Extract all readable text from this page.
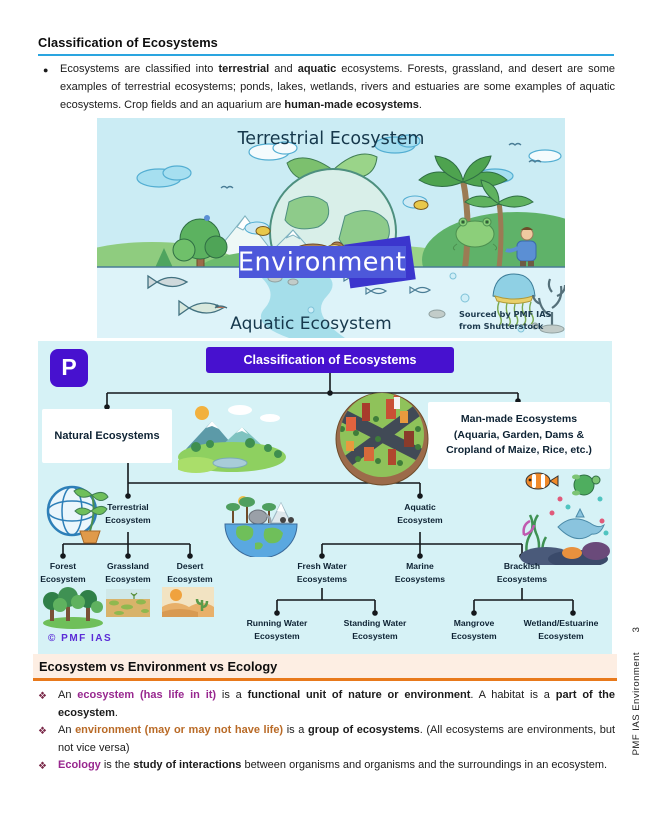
Classification of Ecosystems
●	Ecosystems are classified into terrestrial and aquatic ecosystems. Forests, grassland, and desert are some examples of terrestrial ecosystems; ponds, lakes, wetlands, rivers and estuaries are some examples of aquatic ecosystems. Crop fields and an aquarium are human-made ecosystems.
Environment
Terrestrial Ecosystem
Aquatic Ecosystem	Sourced by PMF IAS
from Shutterstock
P	Classification of Ecosystems
Natural Ecosystems
Man-made Ecosystems
(Aquaria, Garden, Dams &
Cropland of Maize, Rice, etc.)
Terrestrial
Ecosystem
Aquatic
Ecosystem
Forest
Ecosystem
Grassland
Ecosystem
Desert
Ecosystem
Fresh Water
Ecosystems
Marine
Ecosystems
Brackish
Ecosystems
Running Water
Ecosystem
Standing Water
Ecosystem
Mangrove
Ecosystem
Wetland/Estuarine
Ecosystem
© PMF IAS
Ecosystem vs Environment vs Ecology
❖	An ecosystem (has life in it) is a functional unit of nature or environment. A habitat is a part of the ecosystem.
❖	An environment (may or may not have life) is a group of ecosystems. (All ecosystems are environments, but not vice versa)
❖	Ecology is the study of interactions between organisms and organisms and the surroundings in an ecosystem.
PMF IAS Environment 3
